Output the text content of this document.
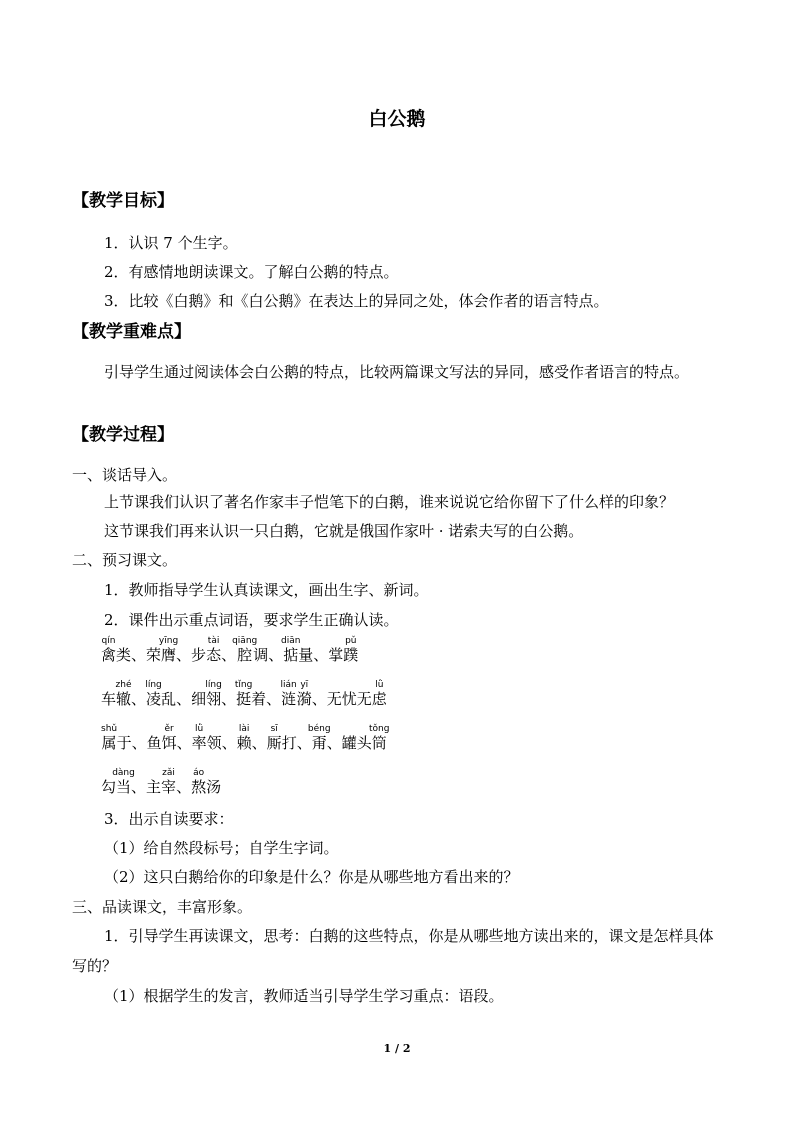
白公鹅
【教学目标】
1．认识 7 个生字。
2．有感情地朗读课文。了解白公鹅的特点。
3．比较《白鹅》和《白公鹅》在表达上的异同之处，体会作者的语言特点。
【教学重难点】
引导学生通过阅读体会白公鹅的特点，比较两篇课文写法的异同，感受作者语言的特点。
【教学过程】
一、谈话导入。
上节课我们认识了著名作家丰子恺笔下的白鹅，谁来说说它给你留下了什么样的印象？
这节课我们再来认识一只白鹅，它就是俄国作家叶 · 诺索夫写的白公鹅。
二、预习课文。
1．教师指导学生认真读课文，画出生字、新词。
2．课件出示重点词语，要求学生正确认读。
禽qín类、荣膺yīng、步态tài、腔qiāng调、掂diān量、掌蹼pǔ
车辙zhé、凌líng乱、细翎líng、挺tǐng着、涟lián漪yī、无忧无虑lǜ
属shǔ于、鱼饵ěr、率lǜ领、赖lài、厮sī打、甭béng、罐头筒tǒng
勾当dàng、主宰zǎi、熬áo汤
3．出示自读要求：
（1）给自然段标号；自学生字词。
（2）这只白鹅给你的印象是什么？你是从哪些地方看出来的？
三、品读课文，丰富形象。
1．引导学生再读课文，思考：白鹅的这些特点，你是从哪些地方读出来的，课文是怎样具体写的？
（1）根据学生的发言，教师适当引导学生学习重点：语段。
1 / 2
